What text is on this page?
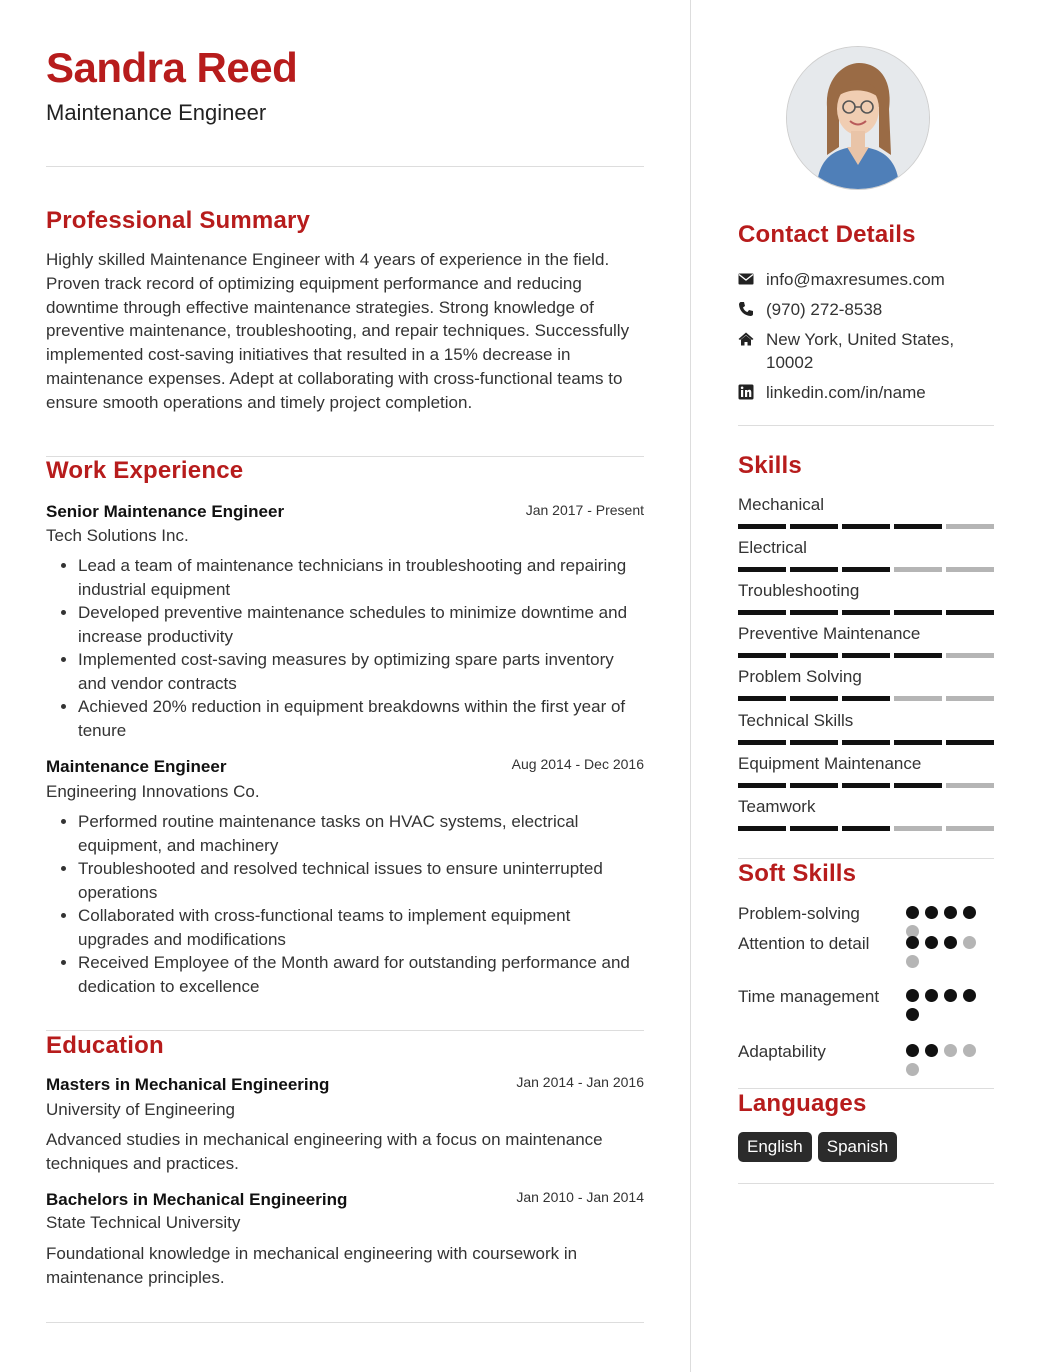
Sandra Reed
Maintenance Engineer
Professional Summary
Highly skilled Maintenance Engineer with 4 years of experience in the field. Proven track record of optimizing equipment performance and reducing downtime through effective maintenance strategies. Strong knowledge of preventive maintenance, troubleshooting, and repair techniques. Successfully implemented cost-saving initiatives that resulted in a 15% decrease in maintenance expenses. Adept at collaborating with cross-functional teams to ensure smooth operations and timely project completion.
Work Experience
Senior Maintenance Engineer	Jan 2017 - Present
Tech Solutions Inc.
• Lead a team of maintenance technicians in troubleshooting and repairing industrial equipment
• Developed preventive maintenance schedules to minimize downtime and increase productivity
• Implemented cost-saving measures by optimizing spare parts inventory and vendor contracts
• Achieved 20% reduction in equipment breakdowns within the first year of tenure
Maintenance Engineer	Aug 2014 - Dec 2016
Engineering Innovations Co.
• Performed routine maintenance tasks on HVAC systems, electrical equipment, and machinery
• Troubleshooted and resolved technical issues to ensure uninterrupted operations
• Collaborated with cross-functional teams to implement equipment upgrades and modifications
• Received Employee of the Month award for outstanding performance and dedication to excellence
Education
Masters in Mechanical Engineering	Jan 2014 - Jan 2016
University of Engineering
Advanced studies in mechanical engineering with a focus on maintenance techniques and practices.
Bachelors in Mechanical Engineering	Jan 2010 - Jan 2014
State Technical University
Foundational knowledge in mechanical engineering with coursework in maintenance principles.
Contact Details
info@maxresumes.com
(970) 272-8538
New York, United States, 10002
linkedin.com/in/name
Skills
Mechanical
Electrical
Troubleshooting
Preventive Maintenance
Problem Solving
Technical Skills
Equipment Maintenance
Teamwork
Soft Skills
Problem-solving
Attention to detail
Time management
Adaptability
Languages
English	Spanish
